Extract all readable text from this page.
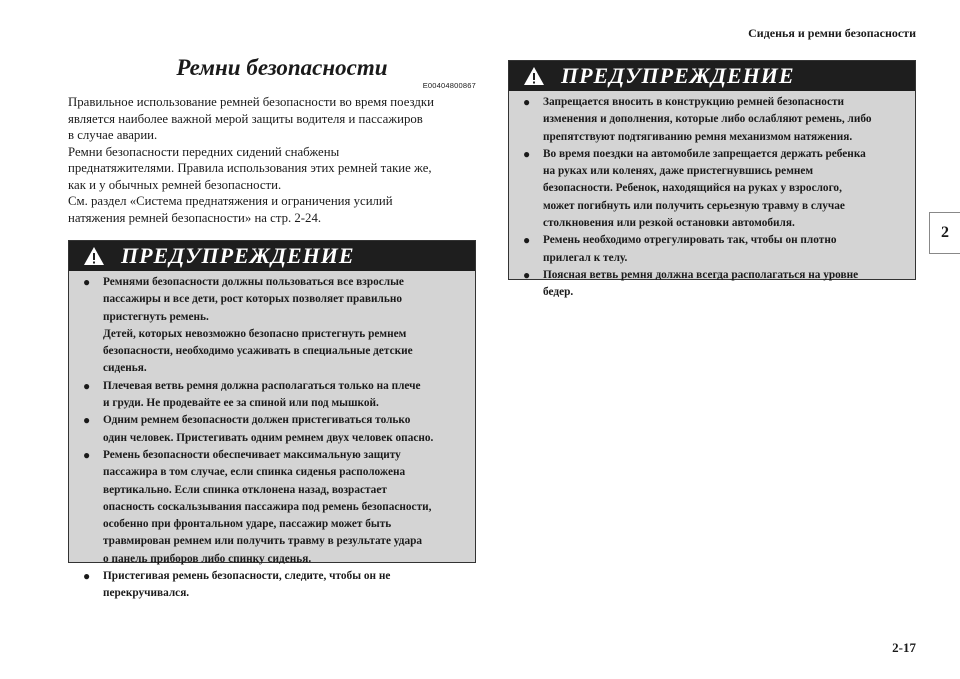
Сиденья и ремни безопасности
2
2-17
Ремни безопасности
E00404800867
Правильное использование ремней безопасности во время поездки
является наиболее важной мерой защиты водителя и пассажиров
в случае аварии.
Ремни безопасности передних сидений снабжены
преднатяжителями. Правила использования этих ремней такие же,
как и у обычных ремней безопасности.
См. раздел «Система преднатяжения и ограничения усилий
натяжения ремней безопасности» на стр. 2-24.
ПРЕДУПРЕЖДЕНИЕ
●	Ремнями безопасности должны пользоваться все взрослые
пассажиры и все дети, рост которых позволяет правильно
пристегнуть ремень.
Детей, которых невозможно безопасно пристегнуть ремнем
безопасности, необходимо усаживать в специальные детские
сиденья.
●	Плечевая ветвь ремня должна располагаться только на плече
и груди. Не продевайте ее за спиной или под мышкой.
●	Одним ремнем безопасности должен пристегиваться только
один человек. Пристегивать одним ремнем двух человек опасно.
●	Ремень безопасности обеспечивает максимальную защиту
пассажира в том случае, если спинка сиденья расположена
вертикально. Если спинка отклонена назад, возрастает
опасность соскальзывания пассажира под ремень безопасности,
особенно при фронтальном ударе, пассажир может быть
травмирован ремнем или получить травму в результате удара
о панель приборов либо спинку сиденья.
●	Пристегивая ремень безопасности, следите, чтобы он не
перекручивался.
ПРЕДУПРЕЖДЕНИЕ
●	Запрещается вносить в конструкцию ремней безопасности
изменения и дополнения, которые либо ослабляют ремень, либо
препятствуют подтягиванию ремня механизмом натяжения.
●	Во время поездки на автомобиле запрещается держать ребенка
на руках или коленях, даже пристегнувшись ремнем
безопасности. Ребенок, находящийся на руках у взрослого,
может погибнуть или получить серьезную травму в случае
столкновения или резкой остановки автомобиля.
●	Ремень необходимо отрегулировать так, чтобы он плотно
прилегал к телу.
●	Поясная ветвь ремня должна всегда располагаться на уровне
бедер.
